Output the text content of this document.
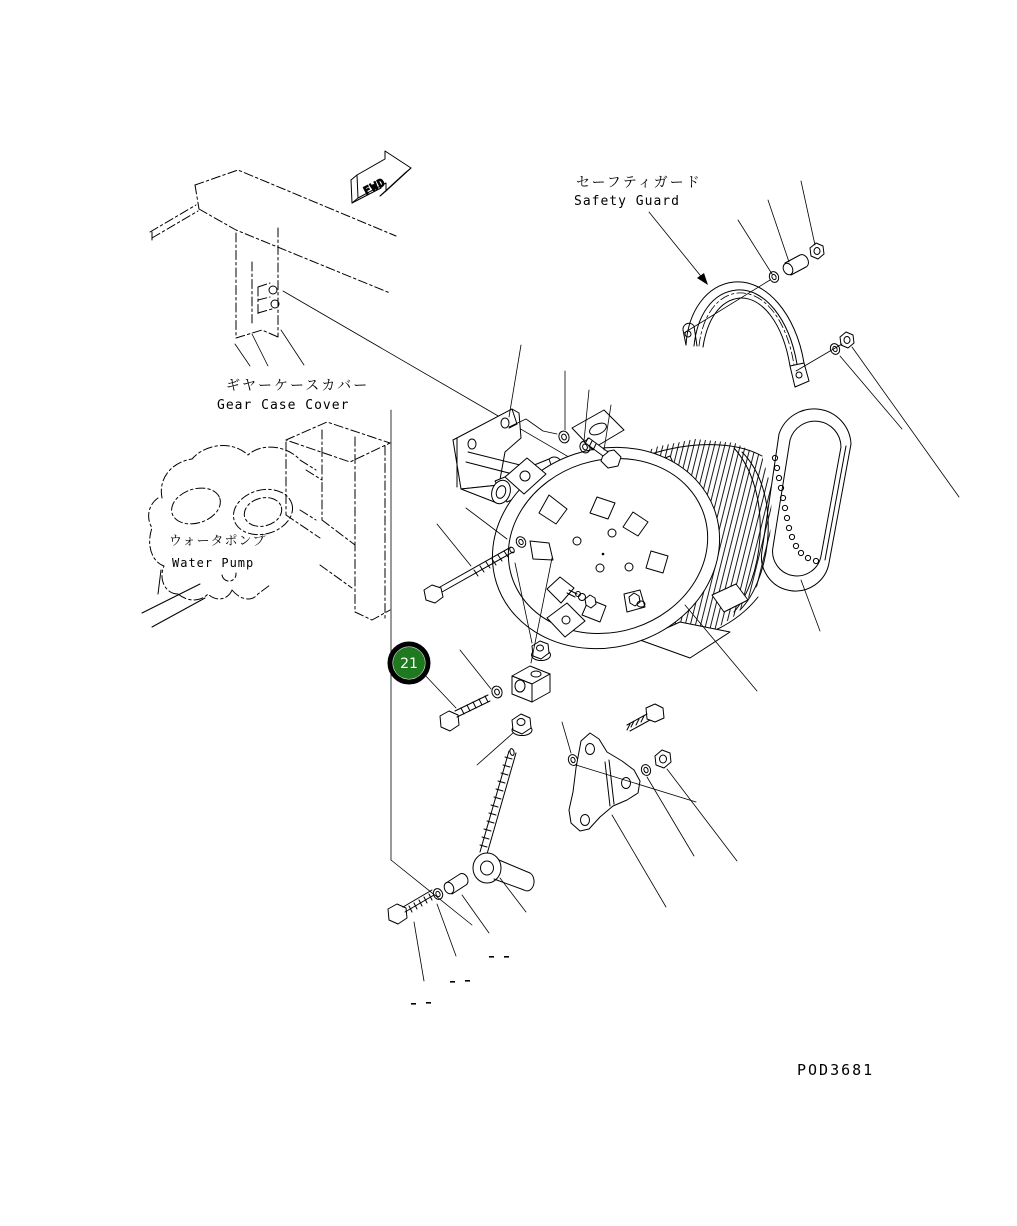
FWD	セーフティガード
Safety Guard
ギヤーケースカバー
Gear Case Cover
ウォータポンプ
Water Pump
POD3681
21
